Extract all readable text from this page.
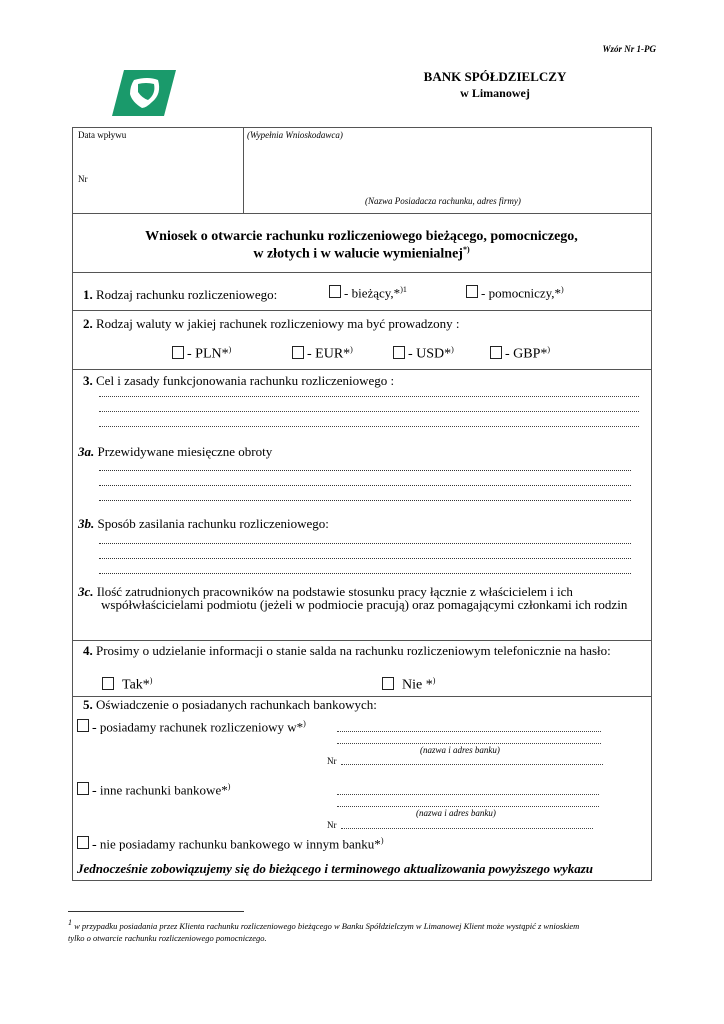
Wzór Nr 1-PG
BANK SPÓŁDZIELCZY
w Limanowej
Data wpływu
Nr
(Wypełnia Wnioskodawca)
(Nazwa Posiadacza rachunku, adres firmy)
Wniosek o otwarcie rachunku rozliczeniowego bieżącego, pomocniczego,
w złotych i w walucie wymienialnej*)
1. Rodzaj rachunku rozliczeniowego:	- bieżący,*$^{)1}$	- pomocniczy,*)
2. Rodzaj waluty w jakiej rachunek rozliczeniowy ma być prowadzony :
- PLN*)	- EUR*)	- USD*)	- GBP*)
3. Cel i zasady funkcjonowania rachunku rozliczeniowego :
3a. Przewidywane miesięczne obroty
3b. Sposób zasilania rachunku rozliczeniowego:
3c. Ilość zatrudnionych pracowników na podstawie stosunku pracy łącznie z właścicielem i ich
współwłaścicielami podmiotu (jeżeli w podmiocie pracują) oraz pomagającymi członkami ich rodzin
4. Prosimy o udzielanie informacji o stanie salda na rachunku rozliczeniowym telefonicznie na hasło:
Tak*)	Nie *)
5. Oświadczenie o posiadanych rachunkach bankowych:
- posiadamy rachunek rozliczeniowy w*)
(nazwa i adres banku)
Nr
- inne rachunki bankowe*)
(nazwa i adres banku)
Nr
- nie posiadamy rachunku bankowego w innym banku*)
Jednocześnie zobowiązujemy się do bieżącego i terminowego aktualizowania powyższego wykazu
$^1$ w przypadku posiadania przez Klienta rachunku rozliczeniowego bieżącego w Banku Spółdzielczym w Limanowej Klient może wystąpić z wnioskiem
tylko o otwarcie rachunku rozliczeniowego pomocniczego.
